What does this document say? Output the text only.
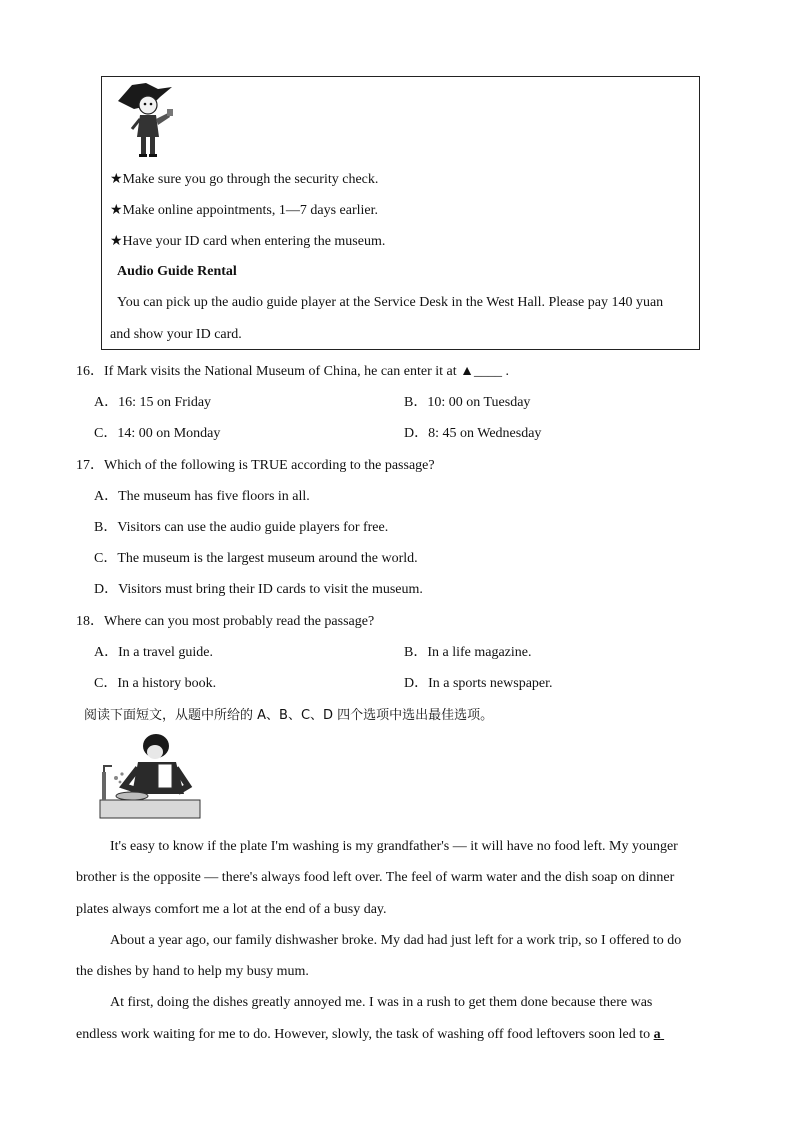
★Make sure you go through the security check.
★Make online appointments, 1—7 days earlier.
★Have your ID card when entering the museum.
Audio Guide Rental
You can pick up the audio guide player at the Service Desk in the West Hall. Please pay 140 yuan
and show your ID card.
16．If Mark visits the National Museum of China, he can enter it at ▲____ .
A．16: 15 on Friday	B．10: 00 on Tuesday
C．14: 00 on Monday	D．8: 45 on Wednesday
17．Which of the following is TRUE according to the passage?
A．The museum has five floors in all.
B．Visitors can use the audio guide players for free.
C．The museum is the largest museum around the world.
D．Visitors must bring their ID cards to visit the museum.
18．Where can you most probably read the passage?
A．In a travel guide.	B．In a life magazine.
C．In a history book.	D．In a sports newspaper.
阅读下面短文，从题中所给的 A、B、C、D 四个选项中选出最佳选项。
It's easy to know if the plate I'm washing is my grandfather's — it will have no food left. My younger
brother is the opposite — there's always food left over. The feel of warm water and the dish soap on dinner
plates always comfort me a lot at the end of a busy day.
About a year ago, our family dishwasher broke. My dad had just left for a work trip, so I offered to do
the dishes by hand to help my busy mum.
At first, doing the dishes greatly annoyed me. I was in a rush to get them done because there was
endless work waiting for me to do. However, slowly, the task of washing off food leftovers soon led to a
